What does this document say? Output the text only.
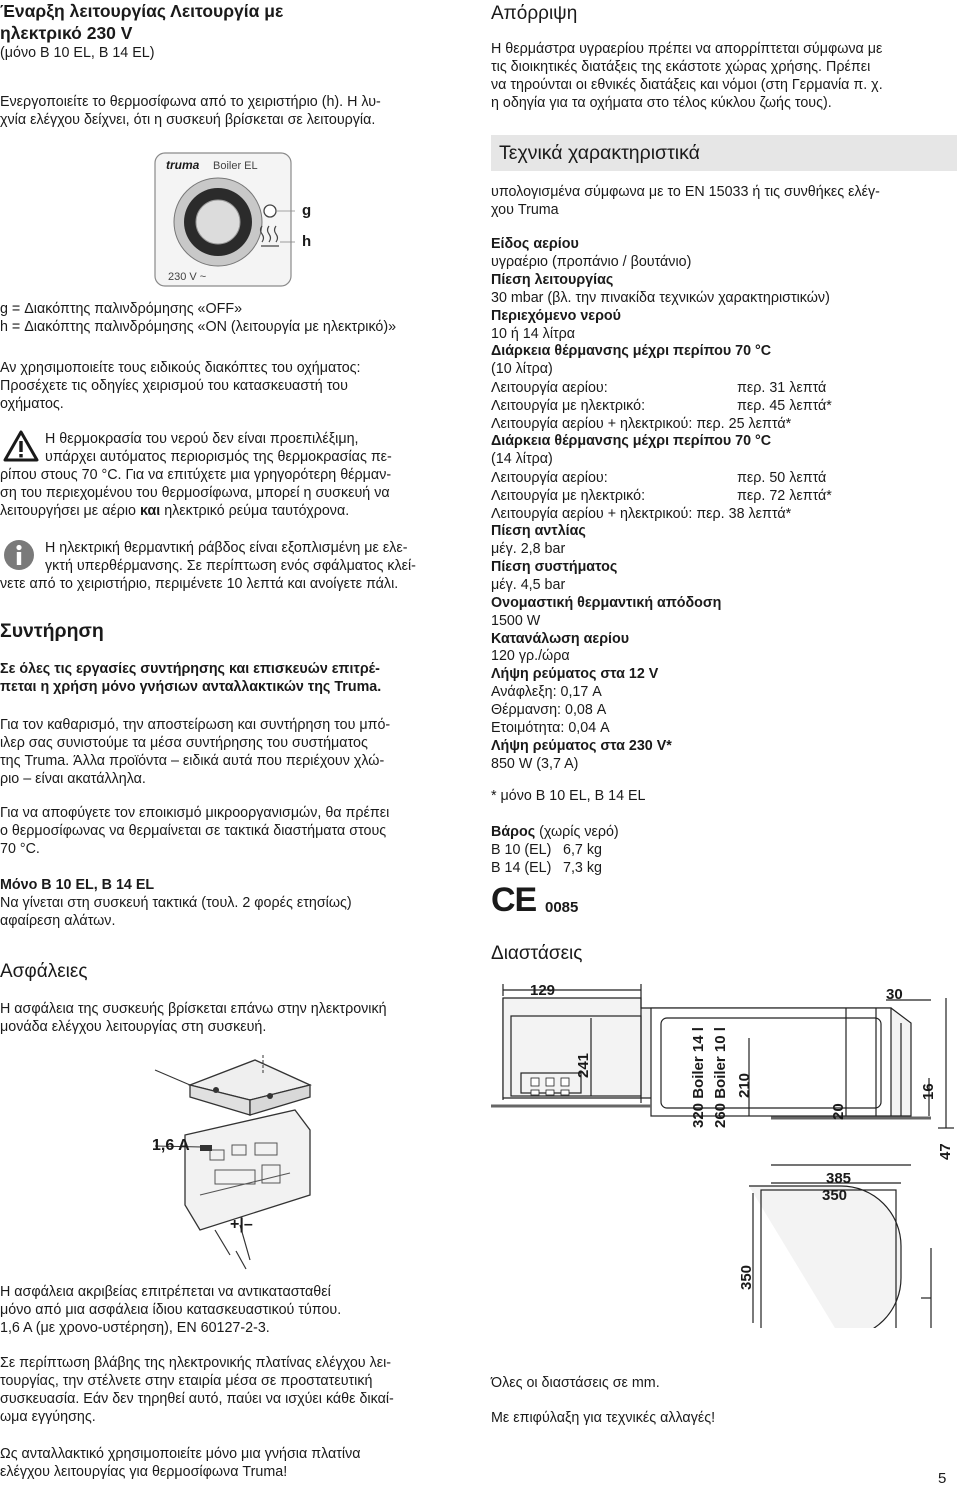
Έναρξη λειτουργίας Λειτουργία με
ηλεκτρικό 230 V

(μόνο B 10 EL, B 14 EL)

Ενεργοποιείτε το θερμοσίφωνα από το χειριστήριο (h). Η λυ-

χνία ελέγχου δείχνει, ότι η συσκευή βρίσκεται σε λειτουργία.

truma Boiler EL
230 V ~
g
h

g = Διακόπτης παλινδρόμησης «OFF»

h = Διακόπτης παλινδρόμησης «ON (λειτουργία με ηλεκτρικό)»

Αν χρησιμοποιείτε τους ειδικούς διακόπτες του οχήματος:

Προσέχετε τις οδηγίες χειρισμού του κατασκευαστή του

οχήματος.

Η θερμοκρασία του νερού δεν είναι προεπιλέξιμη,

υπάρχει αυτόματος περιορισμός της θερμοκρασίας πε-

ρίπου στους 70 °C. Για να επιτύχετε μια γρηγορότερη θέρμαν-

ση του περιεχομένου του θερμοσίφωνα, μπορεί η συσκευή να

λειτουργήσει με αέριο και ηλεκτρικό ρεύμα ταυτόχρονα.

Η ηλεκτρική θερμαντική ράβδος είναι εξοπλισμένη με ελε-

γκτή υπερθέρμανσης. Σε περίπτωση ενός σφάλματος κλεί-

νετε από το χειριστήριο, περιμένετε 10 λεπτά και ανοίγετε πάλι.

Συντήρηση

Σε όλες τις εργασίες συντήρησης και επισκευών επιτρέ-

πεται η χρήση μόνο γνήσιων ανταλλακτικών της Truma.

Για τον καθαρισμό, την αποστείρωση και συντήρηση του μπό-

ιλερ σας συνιστούμε τα μέσα συντήρησης του συστήματος

της Truma. Άλλα προϊόντα – ειδικά αυτά που περιέχουν χλώ-

ριο – είναι ακατάλληλα.

Για να αποφύγετε τον εποικισμό μικροοργανισμών, θα πρέπει

ο θερμοσίφωνας να θερμαίνεται σε τακτικά διαστήματα στους

70 °C.

Μόνο B 10 EL, B 14 EL

Να γίνεται στη συσκευή τακτικά (τουλ. 2 φορές ετησίως)

αφαίρεση αλάτων.

Ασφάλειες

Η ασφάλεια της συσκευής βρίσκεται επάνω στην ηλεκτρονική

μονάδα ελέγχου λειτουργίας στη συσκευή.

1,6 A
+|–

Η ασφάλεια ακριβείας επιτρέπεται να αντικατασταθεί

μόνο από μια ασφάλεια ίδιου κατασκευαστικού τύπου.

1,6 A (με χρονο-υστέρηση), EN 60127-2-3.

Σε περίπτωση βλάβης της ηλεκτρονικής πλατίνας ελέγχου λει-

τουργίας, την στέλνετε στην εταιρία μέσα σε προστατευτική

συσκευασία. Εάν δεν τηρηθεί αυτό, παύει να ισχύει κάθε δικαί-

ωμα εγγύησης.

Ως ανταλλακτικό χρησιμοποιείτε μόνο μια γνήσια πλατίνα

ελέγχου λειτουργίας για θερμοσίφωνα Truma!

Απόρριψη

Η θερμάστρα υγραερίου πρέπει να απορρίπτεται σύμφωνα με

τις διοικητικές διατάξεις της εκάστοτε χώρας χρήσης. Πρέπει

να τηρούνται οι εθνικές διατάξεις και νόμοι (στη Γερμανία π. χ.

η οδηγία για τα οχήματα στο τέλος κύκλου ζωής τους).

Τεχνικά χαρακτηριστικά

υπολογισμένα σύμφωνα με το EN 15033 ή τις συνθήκες ελέγ-

χου Truma

Είδος αερίου

υγραέριο (προπάνιο / βουτάνιο)

Πίεση λειτουργίας

30 mbar (βλ. την πινακίδα τεχνικών χαρακτηριστικών)

Περιεχόμενο νερού

10 ή 14 λίτρα

Διάρκεια θέρμανσης μέχρι περίπου 70 °C

(10 λίτρα)

Λειτουργία αερίου:	περ. 31 λεπτά
Λειτουργία με ηλεκτρικό:	περ. 45 λεπτά*
Λειτουργία αερίου + ηλεκτρικού:
περ. 25 λεπτά*

Διάρκεια θέρμανσης μέχρι περίπου 70 °C

(14 λίτρα)

Λειτουργία αερίου:	περ. 50 λεπτά
Λειτουργία με ηλεκτρικό:	περ. 72 λεπτά*
Λειτουργία αερίου + ηλεκτρικού:
περ. 38 λεπτά*

Πίεση αντλίας

μέγ. 2,8 bar

Πίεση συστήματος

μέγ. 4,5 bar

Ονομαστική θερμαντική απόδοση

1500 W

Κατανάλωση αερίου

120 γρ./ώρα

Λήψη ρεύματος στα 12 V

Ανάφλεξη: 0,17 A

Θέρμανση: 0,08 A

Ετοιμότητα: 0,04 A

Λήψη ρεύματος στα 230 V*

850 W (3,7 A)

* μόνο B 10 EL, B 14 EL

Βάρος (χωρίς νερό)

B 10 (EL) 6,7 kg
B 14 (EL) 7,3 kg
CE 0085
Διαστάσεις
129	30
241	320 Boiler 14 l 260 Boiler 10 l 210
20
16
47
385
350
350

Όλες οι διαστάσεις σε mm.

Με επιφύλαξη για τεχνικές αλλαγές!

5
